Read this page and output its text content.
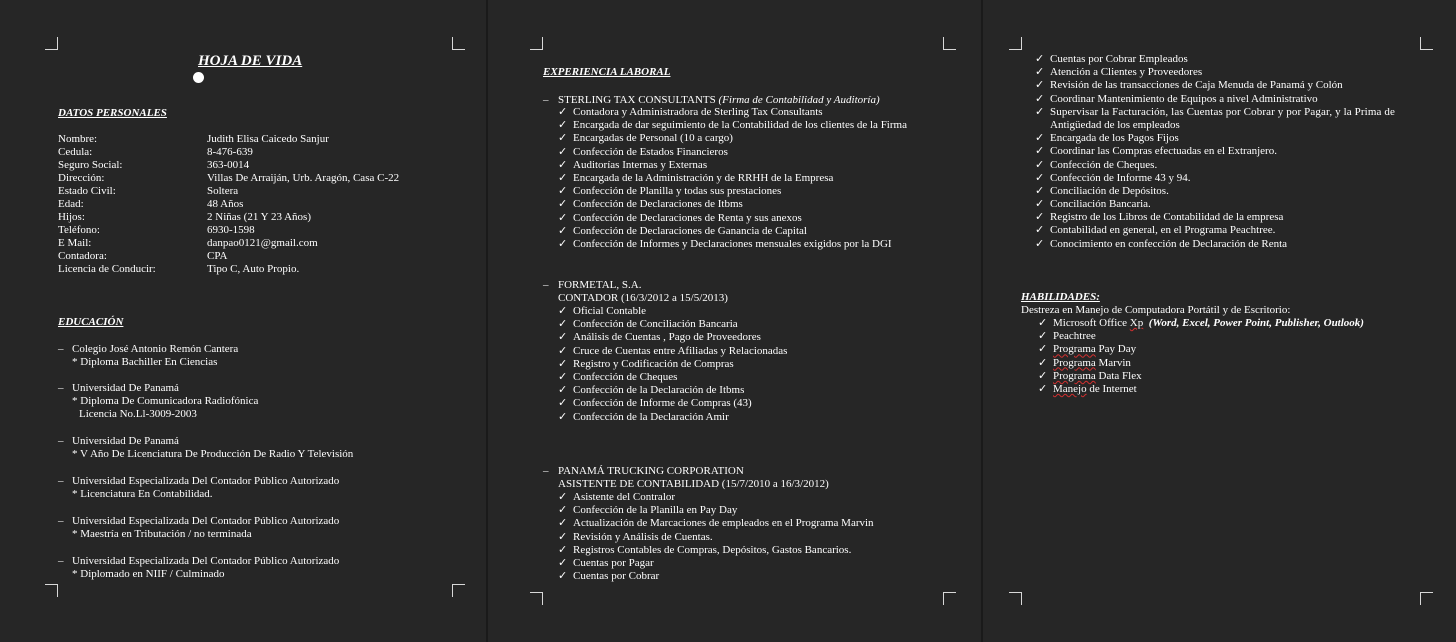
HOJA DE VIDA
DATOS PERSONALES
Nombre:	Judith Elisa Caicedo Sanjur
Cedula:	8-476-639
Seguro Social:	363-0014
Dirección:	Villas De Arraiján, Urb. Aragón, Casa C-22
Estado Civil:	Soltera
Edad:	48 Años
Hijos:	2 Niñas (21 Y 23 Años)
Teléfono:	6930-1598
E Mail:	danpao0121@gmail.com
Contadora:	CPA
Licencia de Conducir:	Tipo C, Auto Propio.
EDUCACIÓN
– Colegio José Antonio Remón Cantera
* Diploma Bachiller En Ciencias
– Universidad De Panamá
* Diploma De Comunicadora Radiofónica
Licencia No.Ll-3009-2003
– Universidad De Panamá
* V Año De Licenciatura De Producción De Radio Y Televisión
– Universidad Especializada Del Contador Público Autorizado
* Licenciatura En Contabilidad.
– Universidad Especializada Del Contador Público Autorizado
* Maestría en Tributación / no terminada
– Universidad Especializada Del Contador Público Autorizado
* Diplomado en NIIF / Culminado
EXPERIENCIA LABORAL
– STERLING TAX CONSULTANTS (Firma de Contabilidad y Auditoría)
✓ Contadora y Administradora de Sterling Tax Consultants
✓ Encargada de dar seguimiento de la Contabilidad de los clientes de la Firma
✓ Encargadas de Personal (10 a cargo)
✓ Confección de Estados Financieros
✓ Auditorías Internas y Externas
✓ Encargada de la Administración y de RRHH de la Empresa
✓ Confección de Planilla y todas sus prestaciones
✓ Confección de Declaraciones de Itbms
✓ Confección de Declaraciones de Renta y sus anexos
✓ Confección de Declaraciones de Ganancia de Capital
✓ Confección de Informes y Declaraciones mensuales exigidos por la DGI
– FORMETAL, S.A.
CONTADOR (16/3/2012 a 15/5/2013)
✓ Oficial Contable
✓ Confección de Conciliación Bancaria
✓ Análisis de Cuentas , Pago de Proveedores
✓ Cruce de Cuentas entre Afiliadas y Relacionadas
✓ Registro y Codificación de Compras
✓ Confección de Cheques
✓ Confección de la Declaración de Itbms
✓ Confección de Informe de Compras (43)
✓ Confección de la Declaración Amir
– PANAMÁ TRUCKING CORPORATION
ASISTENTE DE CONTABILIDAD (15/7/2010 a 16/3/2012)
✓ Asistente del Contralor
✓ Confección de la Planilla en Pay Day
✓ Actualización de Marcaciones de empleados en el Programa Marvin
✓ Revisión y Análisis de Cuentas.
✓ Registros Contables de Compras, Depósitos, Gastos Bancarios.
✓ Cuentas por Pagar
✓ Cuentas por Cobrar
✓ Cuentas por Cobrar Empleados
✓ Atención a Clientes y Proveedores
✓ Revisión de las transacciones de Caja Menuda de Panamá y Colón
✓ Coordinar Mantenimiento de Equipos a nivel Administrativo
✓ Supervisar la Facturación, las Cuentas por Cobrar y por Pagar, y la Prima de
Antigüedad de los empleados
✓ Encargada de los Pagos Fijos
✓ Coordinar las Compras efectuadas en el Extranjero.
✓ Confección de Cheques.
✓ Confección de Informe 43 y 94.
✓ Conciliación de Depósitos.
✓ Conciliación Bancaria.
✓ Registro de los Libros de Contabilidad de la empresa
✓ Contabilidad en general, en el Programa Peachtree.
✓ Conocimiento en confección de Declaración de Renta
HABILIDADES:
Destreza en Manejo de Computadora Portátil y de Escritorio:
✓ Microsoft Office Xp (Word, Excel, Power Point, Publisher, Outlook)
✓ Peachtree
✓ Programa Pay Day
✓ Programa Marvin
✓ Programa Data Flex
✓ Manejo de Internet
